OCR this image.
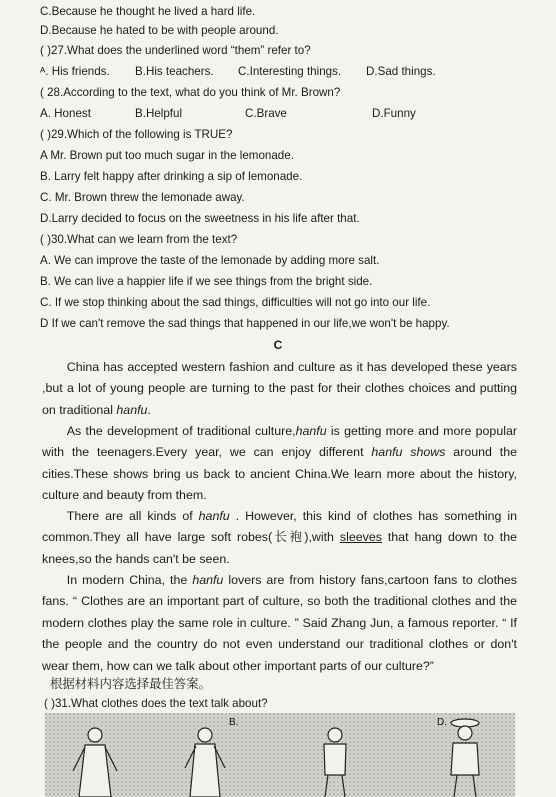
C.Because he thought he lived a hard life.
D.Because he hated to be with people around.
( )27.What does the underlined word “them” refer to?
ᴬ. His friends.	B.His teachers.	C.Interesting things.	D.Sad things.
( 28.According to the text, what do you think of Mr. Brown?
A. Honest	B.Helpful	C.Brave	D.Funny
( )29.Which of the following is TRUE?
A Mr. Brown put too much sugar in the lemonade.
B. Larry felt happy after drinking a sip of lemonade.
C. Mr. Brown threw the lemonade away.
D.Larry decided to focus on the sweetness in his life after that.
( )30.What can we learn from the text?
A. We can improve the taste of the lemonade by adding more salt.
B. We can live a happier life if we see things from the bright side.
C. If we stop thinking about the sad things, difficulties will not go into our life.
D If we can't remove the sad things that happened in our life,we won't be happy.
C

China has accepted western fashion and culture as it has developed these years ,but a lot of young people are turning to the past for their clothes choices and putting on traditional hanfu.

As the development of traditional culture,hanfu is getting more and more popular with the teenagers.Every year, we can enjoy different hanfu shows around the cities.These shows bring us back to ancient China.We learn more about the history, culture and beauty from them.

There are all kinds of hanfu . However, this kind of clothes has something in common.They all have large soft robes(长袍),with sleeves that hang down to the knees,so the hands can't be seen.

In modern China, the hanfu lovers are from history fans,cartoon fans to clothes fans. “ Clothes are an important part of culture, so both the traditional clothes and the modern clothes play the same role in culture. ” Said Zhang Jun, a famous reporter. “ If the people and the country do not even understand our traditional clothes or don't wear them, how can we talk about other important parts of our culture?”

根据材料内容选择最佳答案。
( )31.What clothes does the text talk about?
B.	D.
